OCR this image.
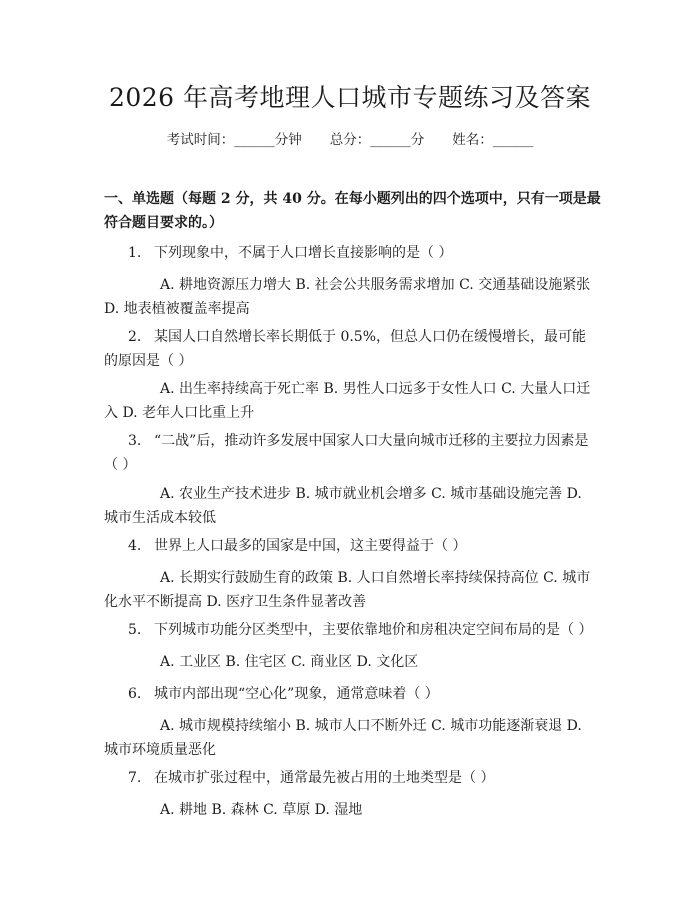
2026 年高考地理人口城市专题练习及答案
考试时间：______分钟 总分：______分 姓名：______
一、单选题（每题 2 分，共 40 分。在每小题列出的四个选项中，只有一项是最符合题目要求的。）
1. 下列现象中，不属于人口增长直接影响的是（ ）
A. 耕地资源压力增大 B. 社会公共服务需求增加 C. 交通基础设施紧张 D. 地表植被覆盖率提高
2. 某国人口自然增长率长期低于 0.5%，但总人口仍在缓慢增长，最可能的原因是（ ）
A. 出生率持续高于死亡率 B. 男性人口远多于女性人口 C. 大量人口迁入 D. 老年人口比重上升
3. “二战”后，推动许多发展中国家人口大量向城市迁移的主要拉力因素是（ ）
A. 农业生产技术进步 B. 城市就业机会增多 C. 城市基础设施完善 D. 城市生活成本较低
4. 世界上人口最多的国家是中国，这主要得益于（ ）
A. 长期实行鼓励生育的政策 B. 人口自然增长率持续保持高位 C. 城市化水平不断提高 D. 医疗卫生条件显著改善
5. 下列城市功能分区类型中，主要依靠地价和房租决定空间布局的是（ ）
A. 工业区 B. 住宅区 C. 商业区 D. 文化区
6. 城市内部出现“空心化”现象，通常意味着（ ）
A. 城市规模持续缩小 B. 城市人口不断外迁 C. 城市功能逐渐衰退 D. 城市环境质量恶化
7. 在城市扩张过程中，通常最先被占用的土地类型是（ ）
A. 耕地 B. 森林 C. 草原 D. 湿地
